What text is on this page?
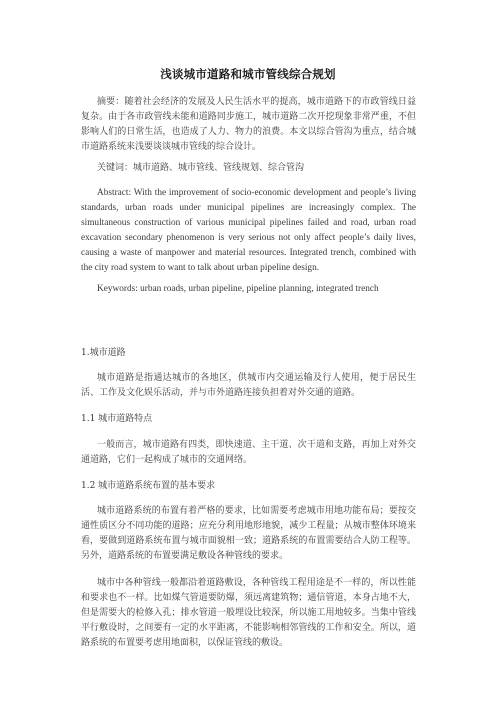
浅谈城市道路和城市管线综合规划

摘要：随着社会经济的发展及人民生活水平的提高，城市道路下的市政管线日益复杂。由于各市政管线未能和道路同步施工，城市道路二次开挖现象非常严重，不但影响人们的日常生活，也造成了人力、物力的浪费。本文以综合管沟为重点，结合城市道路系统来浅要谈谈城市管线的综合设计。

关键词：城市道路、城市管线、管线规划、综合管沟

Abstract: With the improvement of socio-economic development and people’s living standards, urban roads under municipal pipelines are increasingly complex. The simultaneous construction of various municipal pipelines failed and road, urban road excavation secondary phenomenon is very serious not only affect people’s daily lives, causing a waste of manpower and material resources. Integrated trench, combined with the city road system to want to talk about urban pipeline design.

Keywords: urban roads, urban pipeline, pipeline planning, integrated trench

1.城市道路

城市道路是指通达城市的各地区，供城市内交通运输及行人使用，便于居民生活、工作及文化娱乐活动，并与市外道路连接负担着对外交通的道路。

1.1 城市道路特点

一般而言，城市道路有四类，即快速道、主干道、次干道和支路，再加上对外交通道路，它们一起构成了城市的交通网络。

1.2 城市道路系统布置的基本要求

城市道路系统的布置有着严格的要求，比如需要考虑城市用地功能布局；要按交通性质区分不同功能的道路；应充分利用地形地貌，减少工程量；从城市整体环境来看，要做到道路系统布置与城市面貌相一致；道路系统的布置需要结合人防工程等。另外，道路系统的布置要满足敷设各种管线的要求。

城市中各种管线一般都沿着道路敷设，各种管线工程用途是不一样的，所以性能和要求也不一样。比如煤气管道要防爆，须远离建筑物；通信管道，本身占地不大，但是需要大的检修入孔；排水管道一般埋设比较深，所以施工用地较多。当集中管线平行敷设时，之间要有一定的水平距离，不能影响相邻管线的工作和安全。所以，道路系统的布置要考虑用地面积，以保证管线的敷设。
